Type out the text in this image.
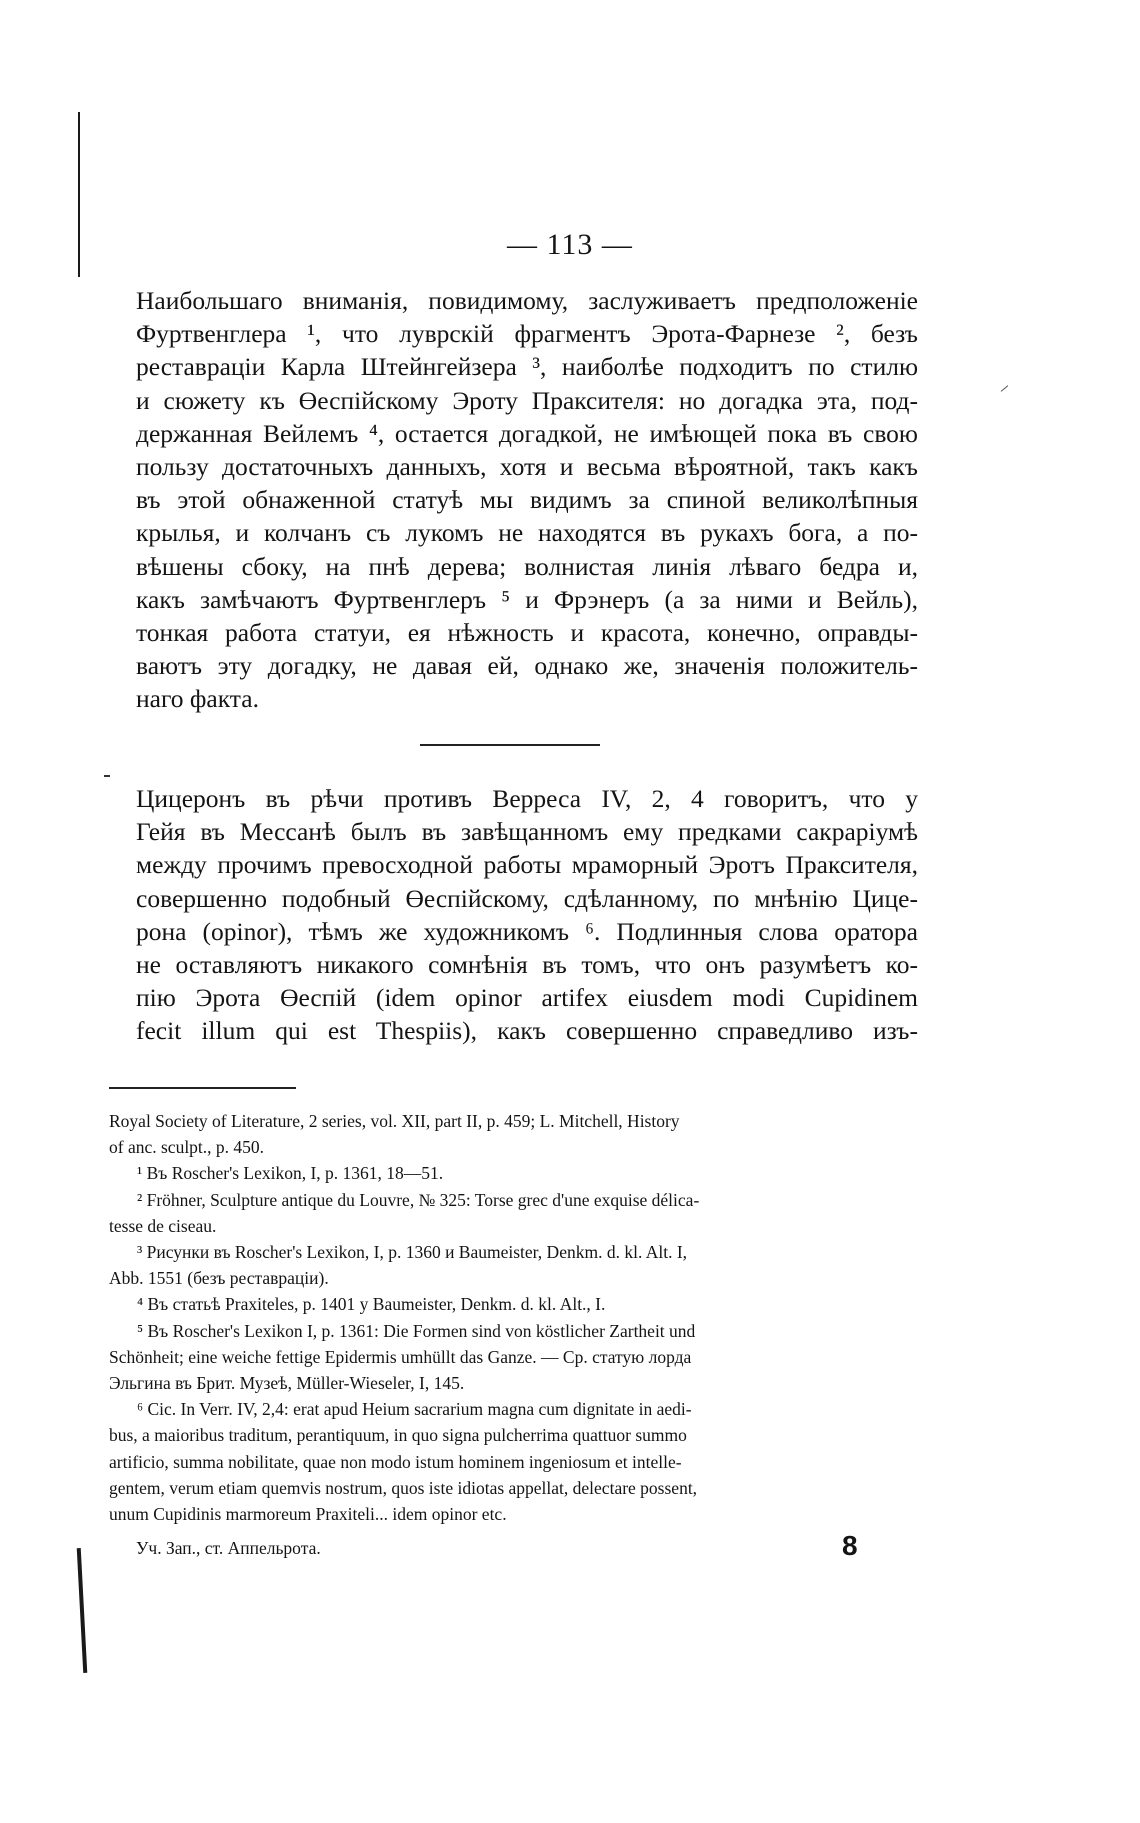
— 113 —

Наибольшаго вниманія, повидимому, заслуживаетъ предположеніе
Фуртвенглера ¹, что луврскій фрагментъ Эрота-Фарнезе ², безъ
реставраціи Карла Штейнгейзера ³, наиболѣе подходитъ по стилю
и сюжету къ Өеспійскому Эроту Праксителя: но догадка эта, под-
держанная Вейлемъ ⁴, остается догадкой, не имѣющей пока въ свою
пользу достаточныхъ данныхъ, хотя и весьма вѣроятной, такъ какъ
въ этой обнаженной статуѣ мы видимъ за спиной великолѣпныя
крылья, и колчанъ съ лукомъ не находятся въ рукахъ бога, а по-
вѣшены сбоку, на пнѣ дерева; волнистая линія лѣваго бедра и,
какъ замѣчаютъ Фуртвенглеръ ⁵ и Фрэнеръ (а за ними и Вейль),
тонкая работа статуи, ея нѣжность и красота, конечно, оправды-
ваютъ эту догадку, не давая ей, однако же, значенія положитель-
наго факта.

Цицеронъ въ рѣчи противъ Верреса IV, 2, 4 говоритъ, что у
Гейя въ Мессанѣ былъ въ завѣщанномъ ему предками сакраріумѣ
между прочимъ превосходной работы мраморный Эротъ Праксителя,
совершенно подобный Өеспійскому, сдѣланному, по мнѣнію Цице-
рона (opinor), тѣмъ же художникомъ ⁶. Подлинныя слова оратора
не оставляютъ никакого сомнѣнія въ томъ, что онъ разумѣетъ ко-
пію Эрота Өеспій (idem opinor artifex eiusdem modi Cupidinem
fecit illum qui est Thespiis), какъ совершенно справедливо изъ-

Royal Society of Literature, 2 series, vol. XII, part II, p. 459; L. Mitchell, History
of anc. sculpt., p. 450.
¹ Въ Roscher's Lexikon, I, p. 1361, 18—51.
² Fröhner, Sculpture antique du Louvre, № 325: Torse grec d'une exquise délica-
tesse de ciseau.
³ Рисунки въ Roscher's Lexikon, I, p. 1360 и Baumeister, Denkm. d. kl. Alt. I,
Abb. 1551 (безъ реставраціи).
⁴ Въ статьѣ Praxiteles, p. 1401 у Baumeister, Denkm. d. kl. Alt., I.
⁵ Въ Roscher's Lexikon I, p. 1361: Die Formen sind von köstlicher Zartheit und
Schönheit; eine weiche fettige Epidermis umhüllt das Ganze. — Ср. статую лорда
Эльгина въ Брит. Музеѣ, Müller-Wieseler, I, 145.
⁶ Cic. In Verr. IV, 2,4: erat apud Heium sacrarium magna cum dignitate in aedi-
bus, a maioribus traditum, perantiquum, in quo signa pulcherrima quattuor summo
artificio, summa nobilitate, quae non modo istum hominem ingeniosum et intelle-
gentem, verum etiam quemvis nostrum, quos iste idiotas appellat, delectare possent,
unum Cupidinis marmoreum Praxiteli... idem opinor etc.
Уч. Зап., ст. Аппельрота.	8
